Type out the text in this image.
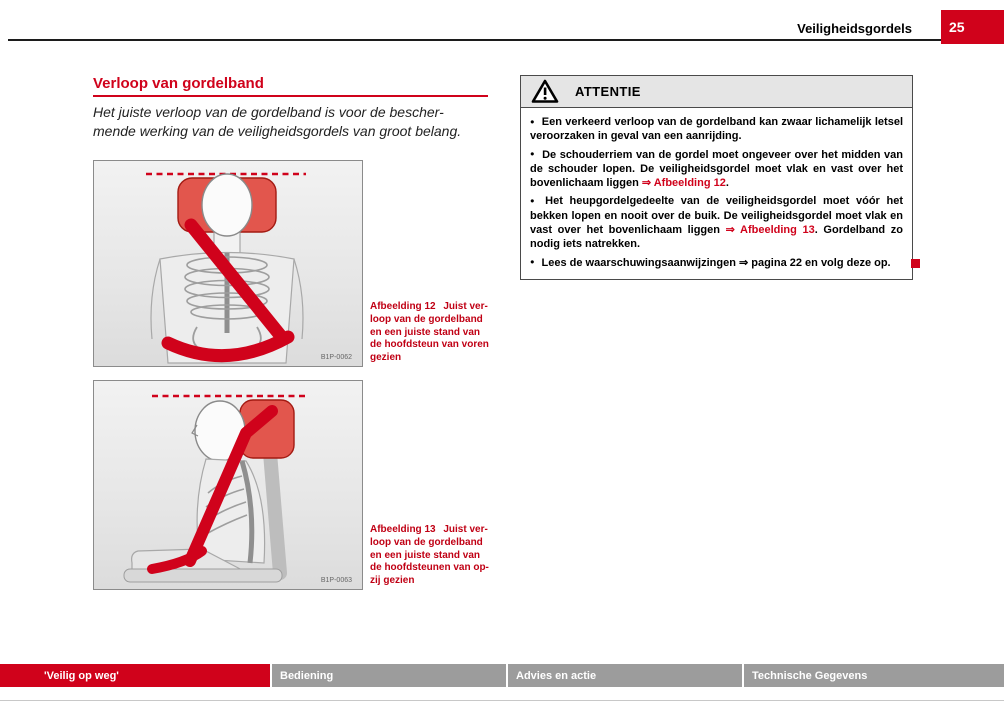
Veiligheidsgordels	25
Verloop van gordelband
Het juiste verloop van de gordelband is voor de bescher-
mende werking van de veiligheidsgordels van groot belang.
B1P-0062
Afbeelding 12  Juist ver-
loop van de gordelband
en een juiste stand van
de hoofdsteun van voren
gezien
B1P-0063
Afbeelding 13  Juist ver-
loop van de gordelband
en een juiste stand van
de hoofdsteunen van op-
zij gezien
ATTENTIE

● Een verkeerd verloop van de gordelband kan zwaar lichamelijk letsel veroorzaken in geval van een aanrijding.

● De schouderriem van de gordel moet ongeveer over het midden van de schouder lopen. De veiligheidsgordel moet vlak en vast over het bovenlichaam liggen ⇒ Afbeelding 12.

● Het heupgordelgedeelte van de veiligheidsgordel moet vóór het bekken lopen en nooit over de buik. De veiligheidsgordel moet vlak en vast over het bovenlichaam liggen ⇒ Afbeelding 13. Gordelband zo nodig iets natrekken.

● Lees de waarschuwingsaanwijzingen ⇒ pagina 22 en volg deze op.

'Veilig op weg'	Bediening	Advies en actie	Technische Gegevens
